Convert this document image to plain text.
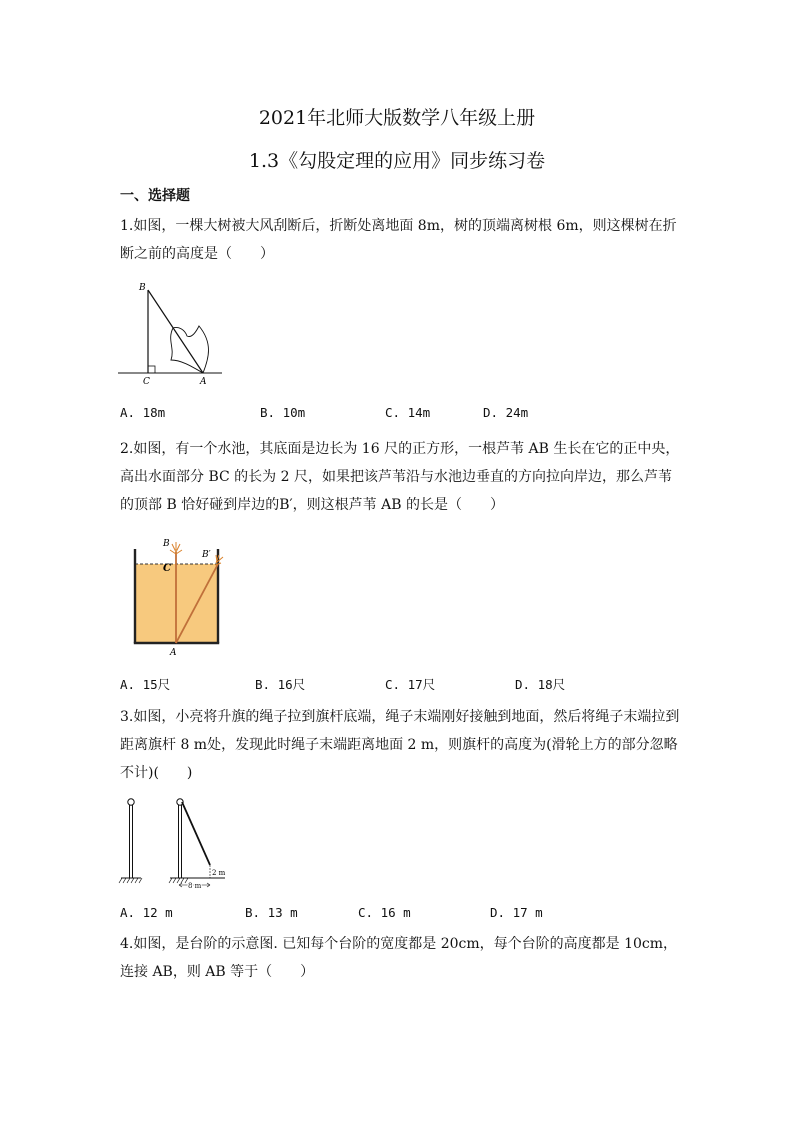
2021年北师大版数学八年级上册
1.3《勾股定理的应用》同步练习卷
一、选择题
1.如图，一棵大树被大风刮断后，折断处离地面 8m，树的顶端离树根 6m，则这棵树在折断之前的高度是（　　）
B
C	A
A. 18m	B. 10m	C. 14m	D. 24m
2.如图，有一个水池，其底面是边长为 16 尺的正方形，一根芦苇 AB 生长在它的正中央，高出水面部分 BC 的长为 2 尺，如果把该芦苇沿与水池边垂直的方向拉向岸边，那么芦苇的顶部 B 恰好碰到岸边的B′，则这根芦苇 AB 的长是（　　）
B
B′
C
A
A. 15尺	B. 16尺	C. 17尺	D. 18尺
3.如图，小亮将升旗的绳子拉到旗杆底端，绳子末端刚好接触到地面，然后将绳子末端拉到距离旗杆 8 m处，发现此时绳子末端距离地面 2 m，则旗杆的高度为(滑轮上方的部分忽略不计)(　　)
2 m
8 m
A. 12 m	B. 13 m	C. 16 m	D. 17 m
4.如图，是台阶的示意图. 已知每个台阶的宽度都是 20cm，每个台阶的高度都是 10cm，连接 AB，则 AB 等于（　　）
